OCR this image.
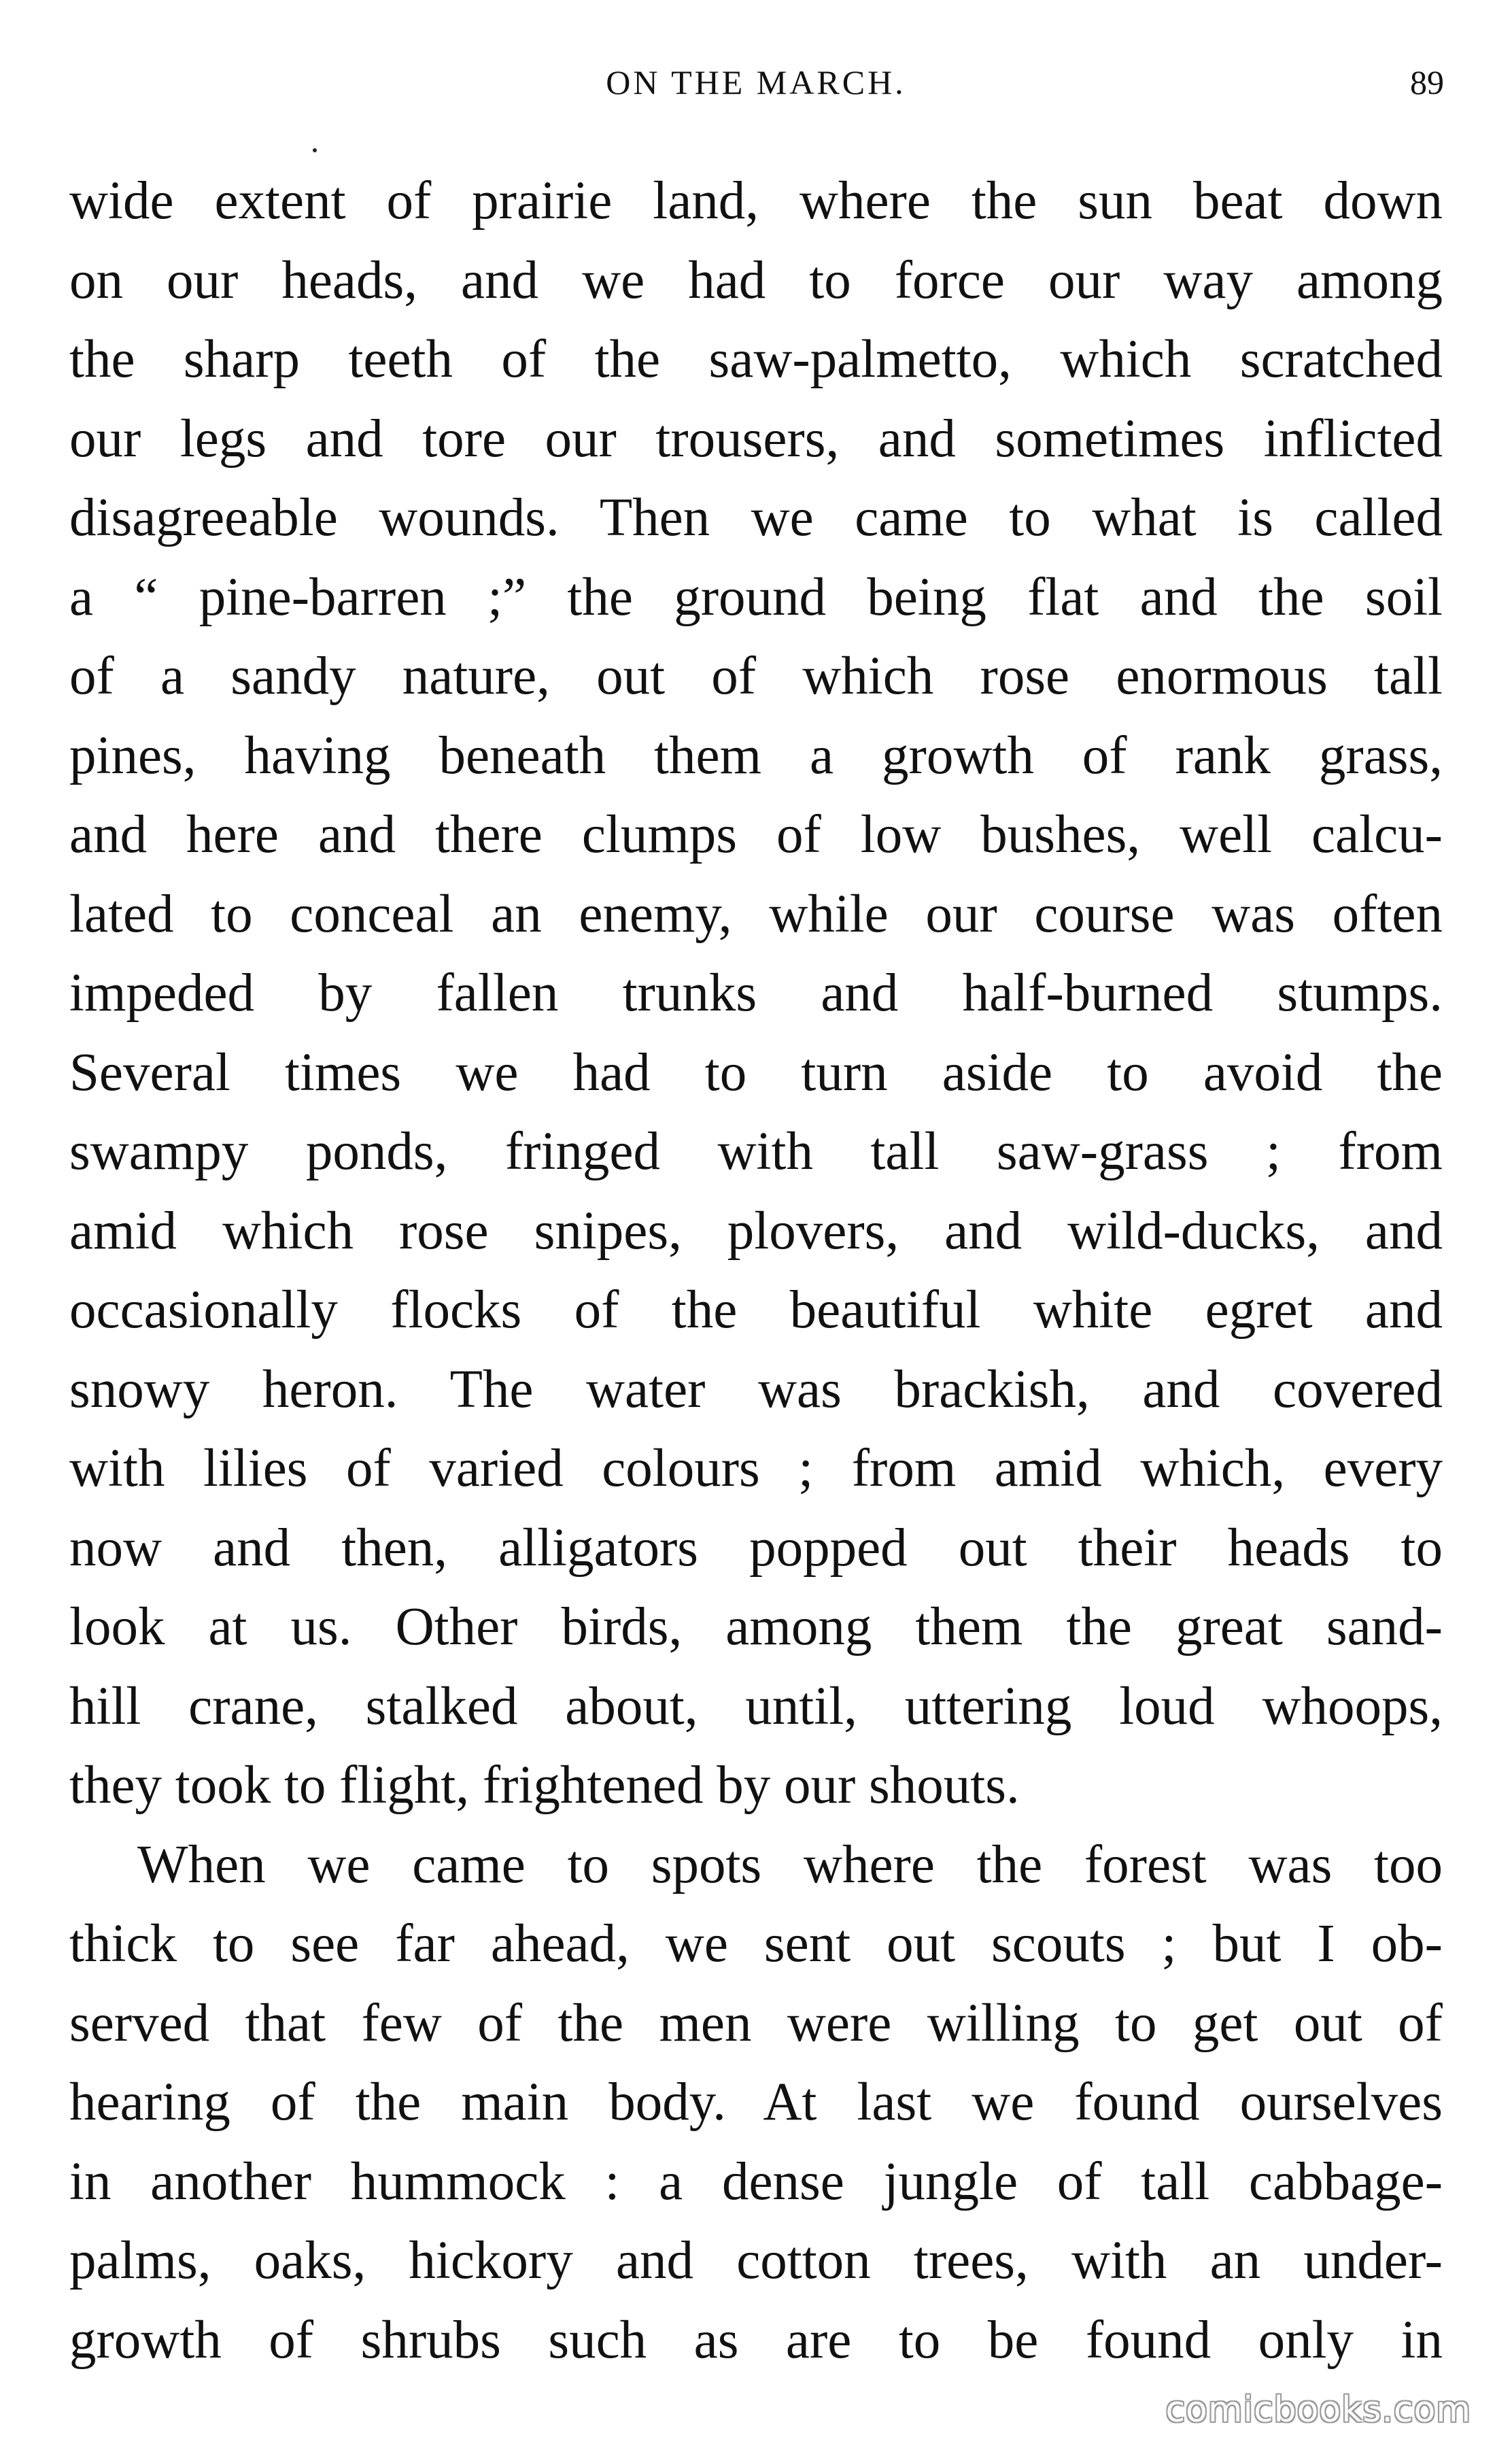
ON THE MARCH.	89
wide extent of prairie land, where the sun beat down
on our heads, and we had to force our way among
the sharp teeth of the saw-palmetto, which scratched
our legs and tore our trousers, and sometimes inflicted
disagreeable wounds. Then we came to what is called
a “ pine-barren ;” the ground being flat and the soil
of a sandy nature, out of which rose enormous tall
pines, having beneath them a growth of rank grass,
and here and there clumps of low bushes, well calcu-
lated to conceal an enemy, while our course was often
impeded by fallen trunks and half-burned stumps.
Several times we had to turn aside to avoid the
swampy ponds, fringed with tall saw-grass ; from
amid which rose snipes, plovers, and wild-ducks, and
occasionally flocks of the beautiful white egret and
snowy heron. The water was brackish, and covered
with lilies of varied colours ; from amid which, every
now and then, alligators popped out their heads to
look at us. Other birds, among them the great sand-
hill crane, stalked about, until, uttering loud whoops,
they took to flight, frightened by our shouts.
When we came to spots where the forest was too
thick to see far ahead, we sent out scouts ; but I ob-
served that few of the men were willing to get out of
hearing of the main body. At last we found ourselves
in another hummock : a dense jungle of tall cabbage-
palms, oaks, hickory and cotton trees, with an under-
growth of shrubs such as are to be found only in
comicbooks.com
